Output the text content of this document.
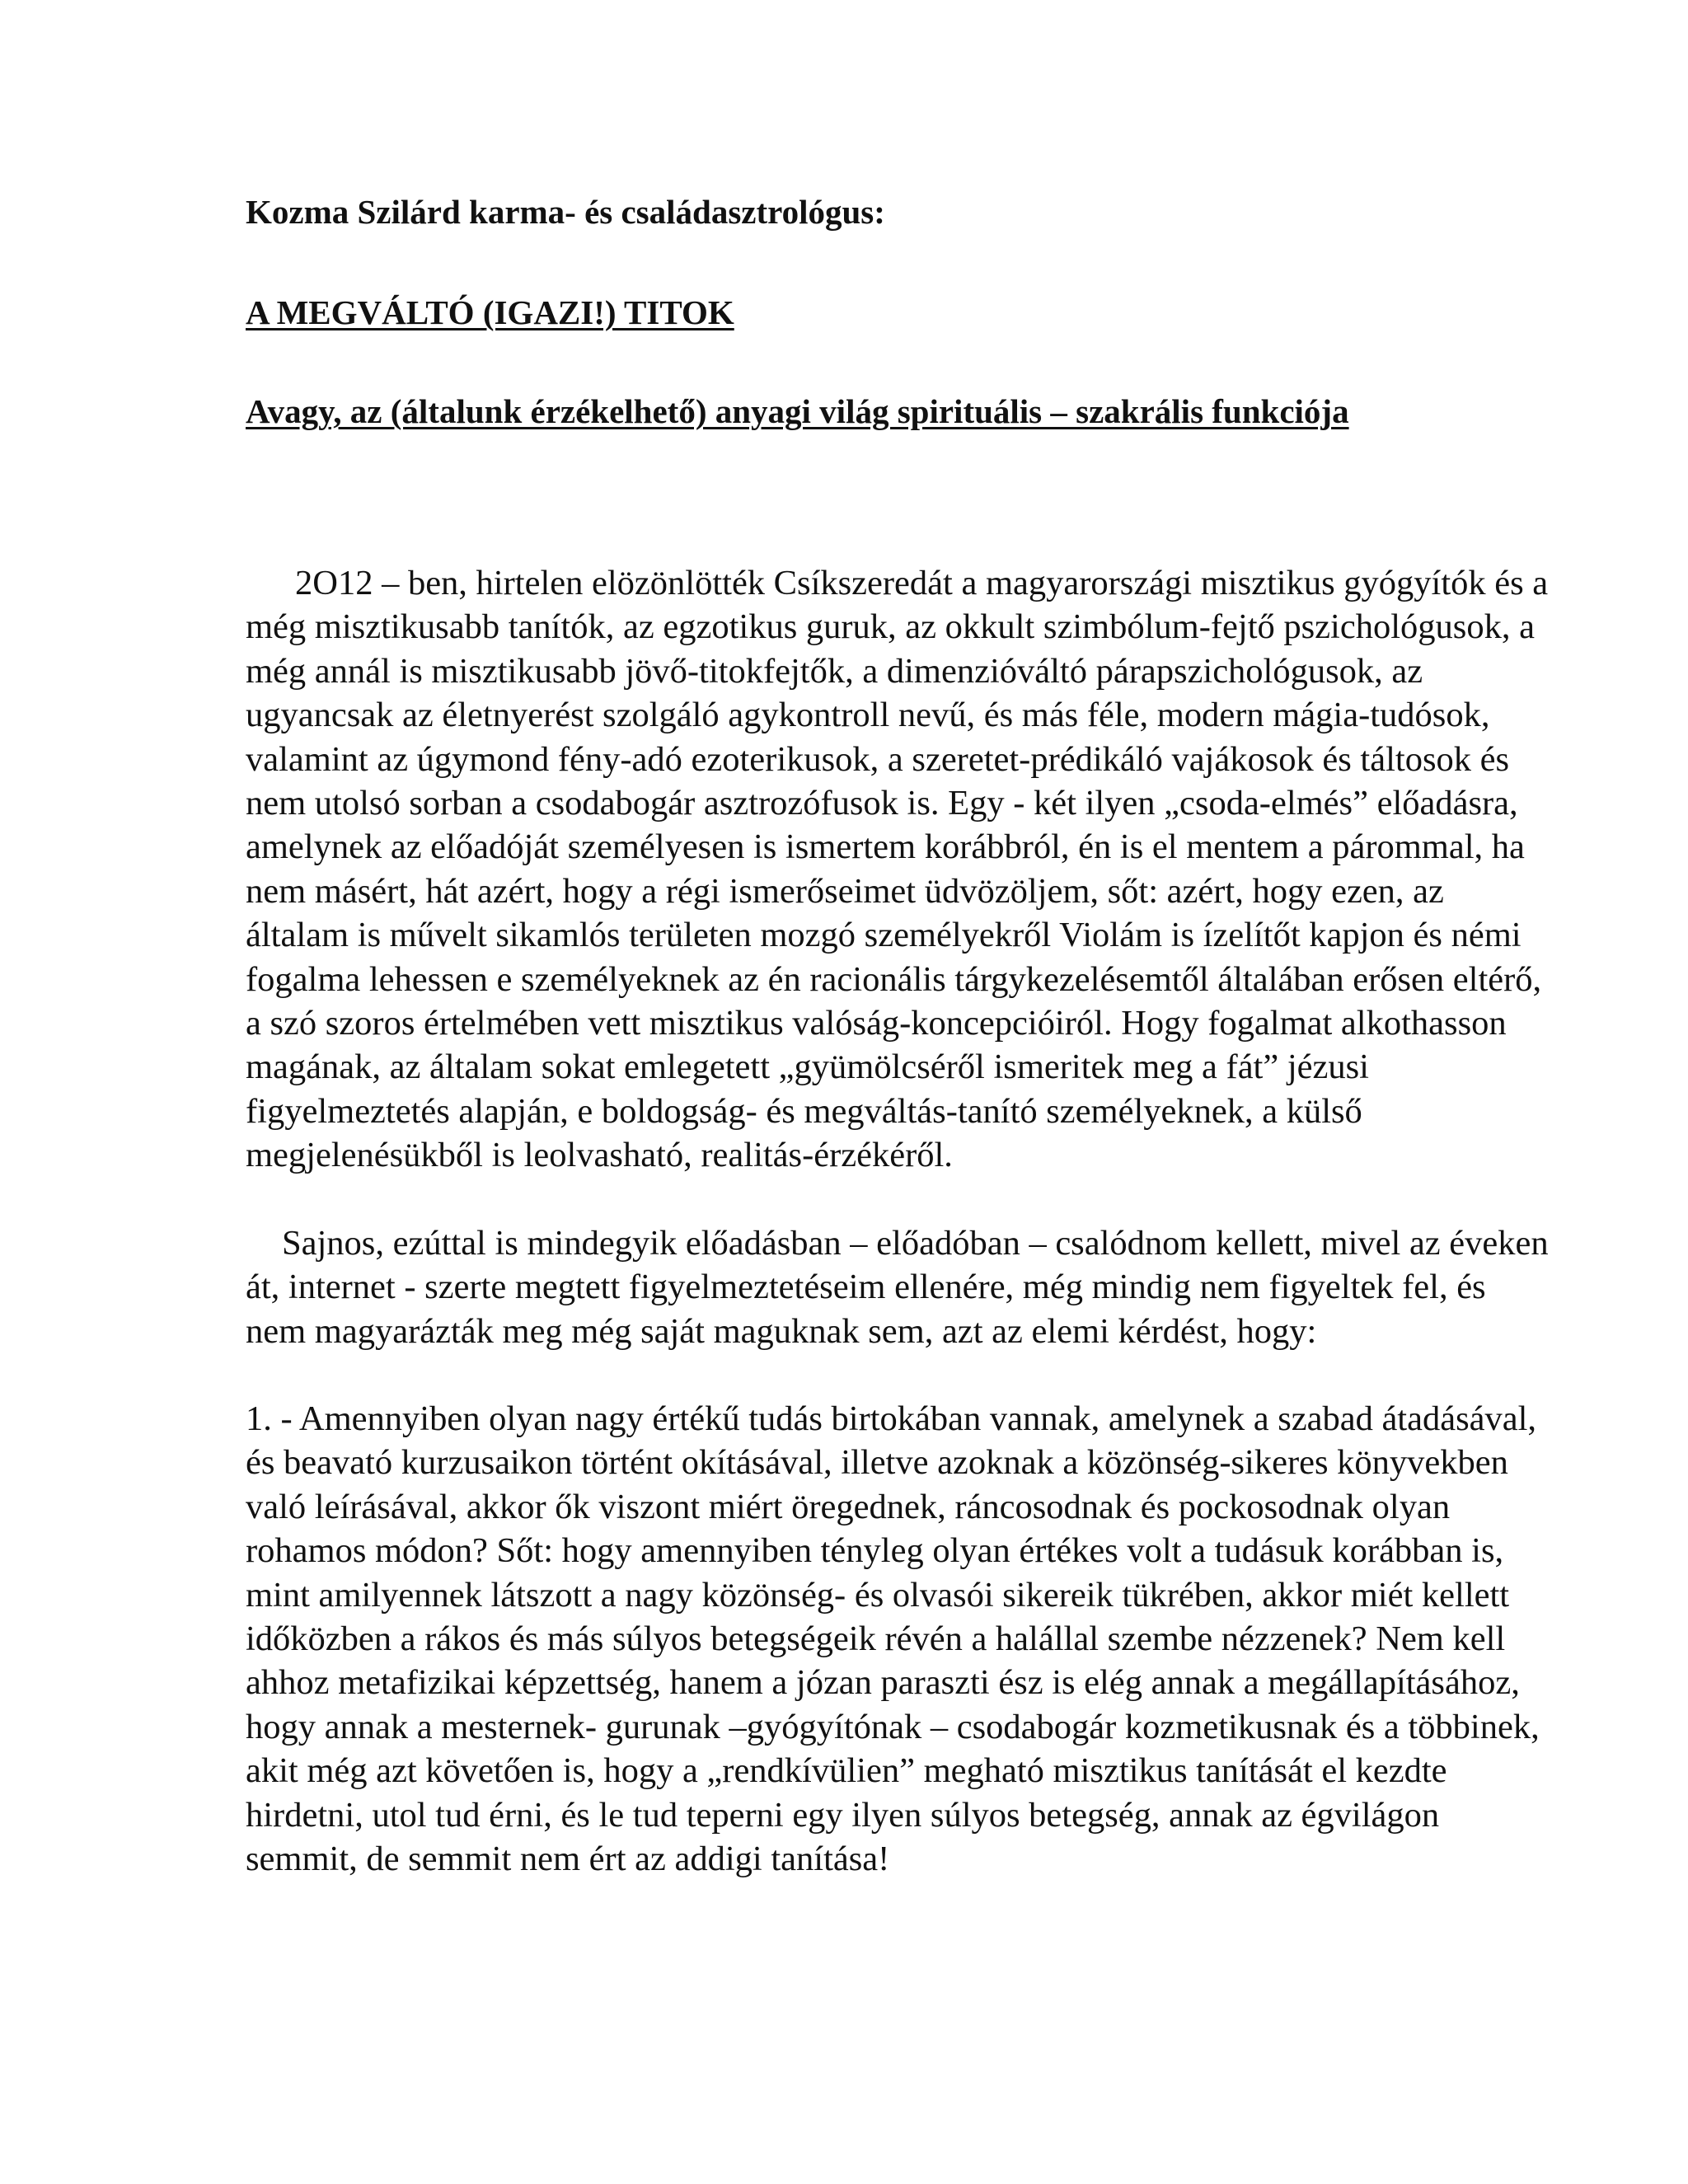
Kozma Szilárd karma- és családasztrológus:
A MEGVÁLTÓ (IGAZI!) TITOK
Avagy, az (általunk érzékelhető) anyagi világ spirituális – szakrális funkciója
2O12 – ben, hirtelen elözönlötték Csíkszeredát a magyarországi misztikus gyógyítók és a
még misztikusabb tanítók, az egzotikus guruk, az okkult szimbólum-fejtő pszichológusok, a
még annál is misztikusabb jövő-titokfejtők, a dimenzióváltó párapszichológusok, az
ugyancsak az életnyerést szolgáló agykontroll nevű, és más féle, modern mágia-tudósok,
valamint az úgymond fény-adó ezoterikusok, a szeretet-prédikáló vajákosok és táltosok és
nem utolsó sorban a csodabogár asztrozófusok is. Egy - két ilyen „csoda-elmés” előadásra,
amelynek az előadóját személyesen is ismertem korábbról, én is el mentem a párommal, ha
nem másért, hát azért, hogy a régi ismerőseimet üdvözöljem, sőt: azért, hogy ezen, az
általam is művelt sikamlós területen mozgó személyekről Violám is ízelítőt kapjon és némi
fogalma lehessen e személyeknek az én racionális tárgykezelésemtől általában erősen eltérő,
a szó szoros értelmében vett misztikus valóság-koncepcióiról. Hogy fogalmat alkothasson
magának, az általam sokat emlegetett „gyümölcséről ismeritek meg a fát” jézusi
figyelmeztetés alapján, e boldogság- és megváltás-tanító személyeknek, a külső
megjelenésükből is leolvasható, realitás-érzékéről.
Sajnos, ezúttal is mindegyik előadásban – előadóban – csalódnom kellett, mivel az éveken
át, internet - szerte megtett figyelmeztetéseim ellenére, még mindig nem figyeltek fel, és
nem magyarázták meg még saját maguknak sem, azt az elemi kérdést, hogy:
1. - Amennyiben olyan nagy értékű tudás birtokában vannak, amelynek a szabad átadásával,
és beavató kurzusaikon történt okításával, illetve azoknak a közönség-sikeres könyvekben
való leírásával, akkor ők viszont miért öregednek, ráncosodnak és pockosodnak olyan
rohamos módon? Sőt: hogy amennyiben tényleg olyan értékes volt a tudásuk korábban is,
mint amilyennek látszott a nagy közönség- és olvasói sikereik tükrében, akkor miét kellett
időközben a rákos és más súlyos betegségeik révén a halállal szembe nézzenek? Nem kell
ahhoz metafizikai képzettség, hanem a józan paraszti ész is elég annak a megállapításához,
hogy annak a mesternek- gurunak –gyógyítónak – csodabogár kozmetikusnak és a többinek,
akit még azt követően is, hogy a „rendkívülien” megható misztikus tanítását el kezdte
hirdetni, utol tud érni, és le tud teperni egy ilyen súlyos betegség, annak az égvilágon
semmit, de semmit nem ért az addigi tanítása!
